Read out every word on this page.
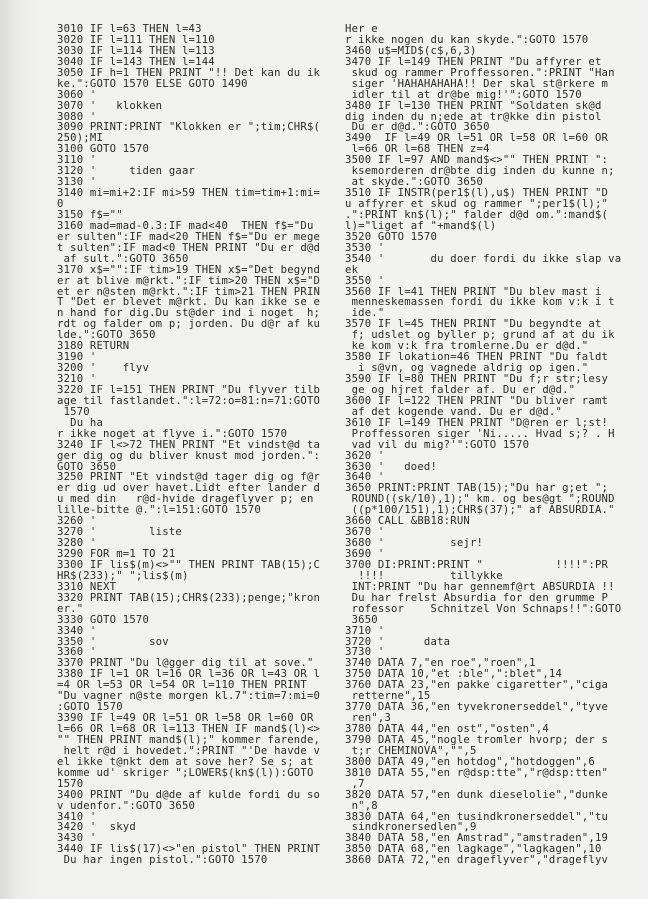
3010 IF l=63 THEN l=43
3020 IF l=111 THEN l=110
3030 IF l=114 THEN l=113
3040 IF l=143 THEN l=144
3050 IF h=1 THEN PRINT "!! Det kan du ik
ke.":GOTO 1570 ELSE GOTO 1490
3060 '
3070 '   klokken
3080 '
3090 PRINT:PRINT "Klokken er ";tim;CHR$(
250);MI
3100 GOTO 1570
3110 '
3120 '     tiden gaar
3130 '
3140 mi=mi+2:IF mi>59 THEN tim=tim+1:mi=
0
3150 f$=""
3160 mad=mad-0.3:IF mad<40  THEN f$="Du
er sulten":IF mad<20 THEN f$="Du er mege
t sulten":IF mad<0 THEN PRINT "Du er d@d
af sult.":GOTO 3650
3170 x$="":IF tim>19 THEN x$="Det begynd
er at blive m@rkt.":IF tim>20 THEN x$="D
et er n@sten m@rkt.":IF tim>21 THEN PRIN
T "Det er blevet m@rkt. Du kan ikke se e
n hand for dig.Du st@der ind i noget  h;
rdt og falder om p; jorden. Du d@r af ku
lde.":GOTO 3650
3180 RETURN
3190 '
3200 '    flyv
3210 '
3220 IF l=151 THEN PRINT "Du flyver tilb
age til fastlandet.":l=72:o=81:n=71:GOTO
1570
Du ha
r ikke noget at flyve i.":GOTO 1570
3240 IF l<>72 THEN PRINT "Et vindst@d ta
ger dig og du bliver knust mod jorden.":
GOTO 3650
3250 PRINT "Et vindst@d tager dig og f@r
er dig ud over havet.Lidt efter lander d
u med din   r@d-hvide drageflyver p; en
lille-bitte @.":l=151:GOTO 1570
3260 '
3270 '        liste
3280 '
3290 FOR m=1 TO 21
3300 IF lis$(m)<>"" THEN PRINT TAB(15);C
HR$(233);" ";lis$(m)
3310 NEXT
3320 PRINT TAB(15);CHR$(233);penge;"kron
er."
3330 GOTO 1570
3340 '
3350 '        sov
3360 '
3370 PRINT "Du l@gger dig til at sove."
3380 IF l=1 OR l=16 OR l=36 OR l=43 OR l
=4 OR l=53 OR l=54 OR l=110 THEN PRINT
"Du vagner n@ste morgen kl.7":tim=7:mi=0
:GOTO 1570
3390 IF l=49 OR l=51 OR l=58 OR l=60 OR
l=66 OR l=68 OR l=113 THEN IF mand$(l)<>
"" THEN PRINT mand$(l);" kommer farende,
helt r@d i hovedet.":PRINT "'De havde v
el ikke t@nkt dem at sove her? Se s; at
komme ud' skriger ";LOWER$(kn$(l)):GOTO
1570
3400 PRINT "Du d@de af kulde fordi du so
v udenfor.":GOTO 3650
3410 '
3420 '  skyd
3430 '
3440 IF lis$(17)<>"en pistol" THEN PRINT
Du har ingen pistol.":GOTO 1570
Her e
r ikke nogen du kan skyde.":GOTO 1570
3460 u$=MID$(c$,6,3)
3470 IF l=149 THEN PRINT "Du affyrer et
skud og rammer Proffessoren.":PRINT "Han
siger 'HAHAHAHAHA!! Der skal st@rkere m
idler til at dr@be mig!'":GOTO 1570
3480 IF l=130 THEN PRINT "Soldaten sk@d
dig inden du n;ede at tr@kke din pistol
Du er d@d.":GOTO 3650
3490  IF l=49 OR l=51 OR l=58 OR l=60 OR
l=66 OR l=68 THEN z=4
3500 IF l=97 AND mand$<>"" THEN PRINT ":
ksemorderen dr@bte dig inden du kunne n;
at skyde.":GOTO 3650
3510 IF INSTR(per1$(l),u$) THEN PRINT "D
u affyrer et skud og rammer ";per1$(l);"
.":PRINT kn$(l);" falder d@d om.":mand$(
l)="liget af "+mand$(l)
3520 GOTO 1570
3530 '
3540 '       du doer fordi du ikke slap va
ek
3550 '
3560 IF l=41 THEN PRINT "Du blev mast i
menneskemassen fordi du ikke kom v:k i t
ide."
3570 IF l=45 THEN PRINT "Du begyndte at
f; udslet og byller p; grund af at du ik
ke kom v:k fra tromlerne.Du er d@d."
3580 IF lokation=46 THEN PRINT "Du faldt
i s@vn, og vagnede aldrig op igen."
3590 IF l=80 THEN PRINT "Du f;r str;lesy
ge og hjret falder af. Du er d@d."
3600 IF l=122 THEN PRINT "Du bliver ramt
af det kogende vand. Du er d@d."
3610 IF l=149 THEN PRINT "D@ren er l;st!
Proffessoren siger 'Ni..... Hvad s;? . H
vad vil du mig?'":GOTO 1570
3620 '
3630 '   doed!
3640 '
3650 PRINT:PRINT TAB(15);"Du har g;et ";
ROUND((sk/10),1);" km. og bes@gt ";ROUND
((p*100/151),1);CHR$(37);" af ABSURDIA."
3660 CALL &BB18:RUN
3670 '
3680 '          sejr!
3690 '
3700 DI:PRINT:PRINT "           !!!!":PR
!!!!          tillykke
INT:PRINT "Du har gennemf@rt ABSURDIA !!
Du har frelst Absurdia for den grumme P
rofessor    Schnitzel Von Schnaps!!":GOTO
3650
3710 '
3720 '      data
3730 '
3740 DATA 7,"en roe","roen",1
3750 DATA 10,"et :ble",":blet",14
3760 DATA 23,"en pakke cigaretter","ciga
retterne",15
3770 DATA 36,"en tyvekronerseddel","tyve
ren",3
3780 DATA 44,"en ost","osten",4
3790 DATA 45,"nogle tromler hvorp; der s
t;r CHEMINOVA","",5
3800 DATA 49,"en hotdog","hotdoggen",6
3810 DATA 55,"en r@dsp:tte","r@dsp:tten"
,7
3820 DATA 57,"en dunk dieselolie","dunke
n",8
3830 DATA 64,"en tusindkronerseddel","tu
sindkronersedlen",9
3840 DATA 58,"en Amstrad","amstraden",19
3850 DATA 68,"en lagkage","lagkagen",10
3860 DATA 72,"en drageflyver","drageflyv
